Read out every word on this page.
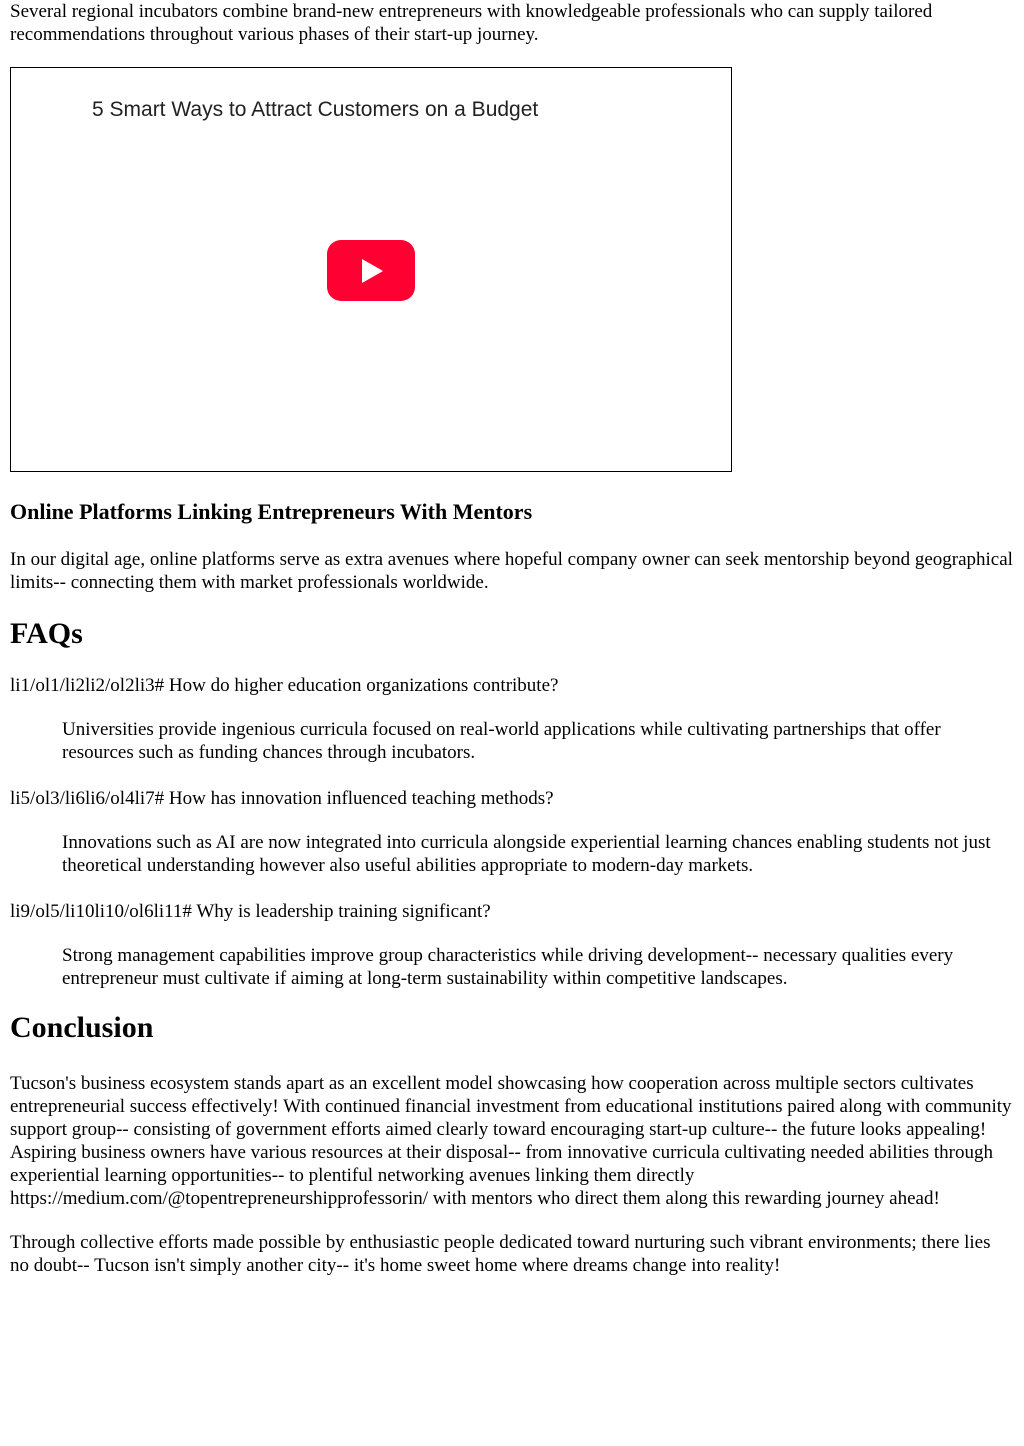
Several regional incubators combine brand-new entrepreneurs with knowledgeable professionals who can supply tailored recommendations throughout various phases of their start-up journey.

5 Smart Ways to Attract Customers on a Budget
Online Platforms Linking Entrepreneurs With Mentors

In our digital age, online platforms serve as extra avenues where hopeful company owner can seek mentorship beyond geographical limits-- connecting them with market professionals worldwide.

FAQs

li1/ol1/li2li2/ol2li3# How do higher education organizations contribute?

Universities provide ingenious curricula focused on real-world applications while cultivating partnerships that offer resources such as funding chances through incubators.

li5/ol3/li6li6/ol4li7# How has innovation influenced teaching methods?

Innovations such as AI are now integrated into curricula alongside experiential learning chances enabling students not just theoretical understanding however also useful abilities appropriate to modern-day markets.

li9/ol5/li10li10/ol6li11# Why is leadership training significant?

Strong management capabilities improve group characteristics while driving development-- necessary qualities every entrepreneur must cultivate if aiming at long-term sustainability within competitive landscapes.

Conclusion

Tucson's business ecosystem stands apart as an excellent model showcasing how cooperation across multiple sectors cultivates entrepreneurial success effectively! With continued financial investment from educational institutions paired along with community support group-- consisting of government efforts aimed clearly toward encouraging start-up culture-- the future looks appealing! Aspiring business owners have various resources at their disposal-- from innovative curricula cultivating needed abilities through experiential learning opportunities-- to plentiful networking avenues linking them directly https://medium.com/@topentrepreneurshipprofessorin/ with mentors who direct them along this rewarding journey ahead!

Through collective efforts made possible by enthusiastic people dedicated toward nurturing such vibrant environments; there lies no doubt-- Tucson isn't simply another city-- it's home sweet home where dreams change into reality!
